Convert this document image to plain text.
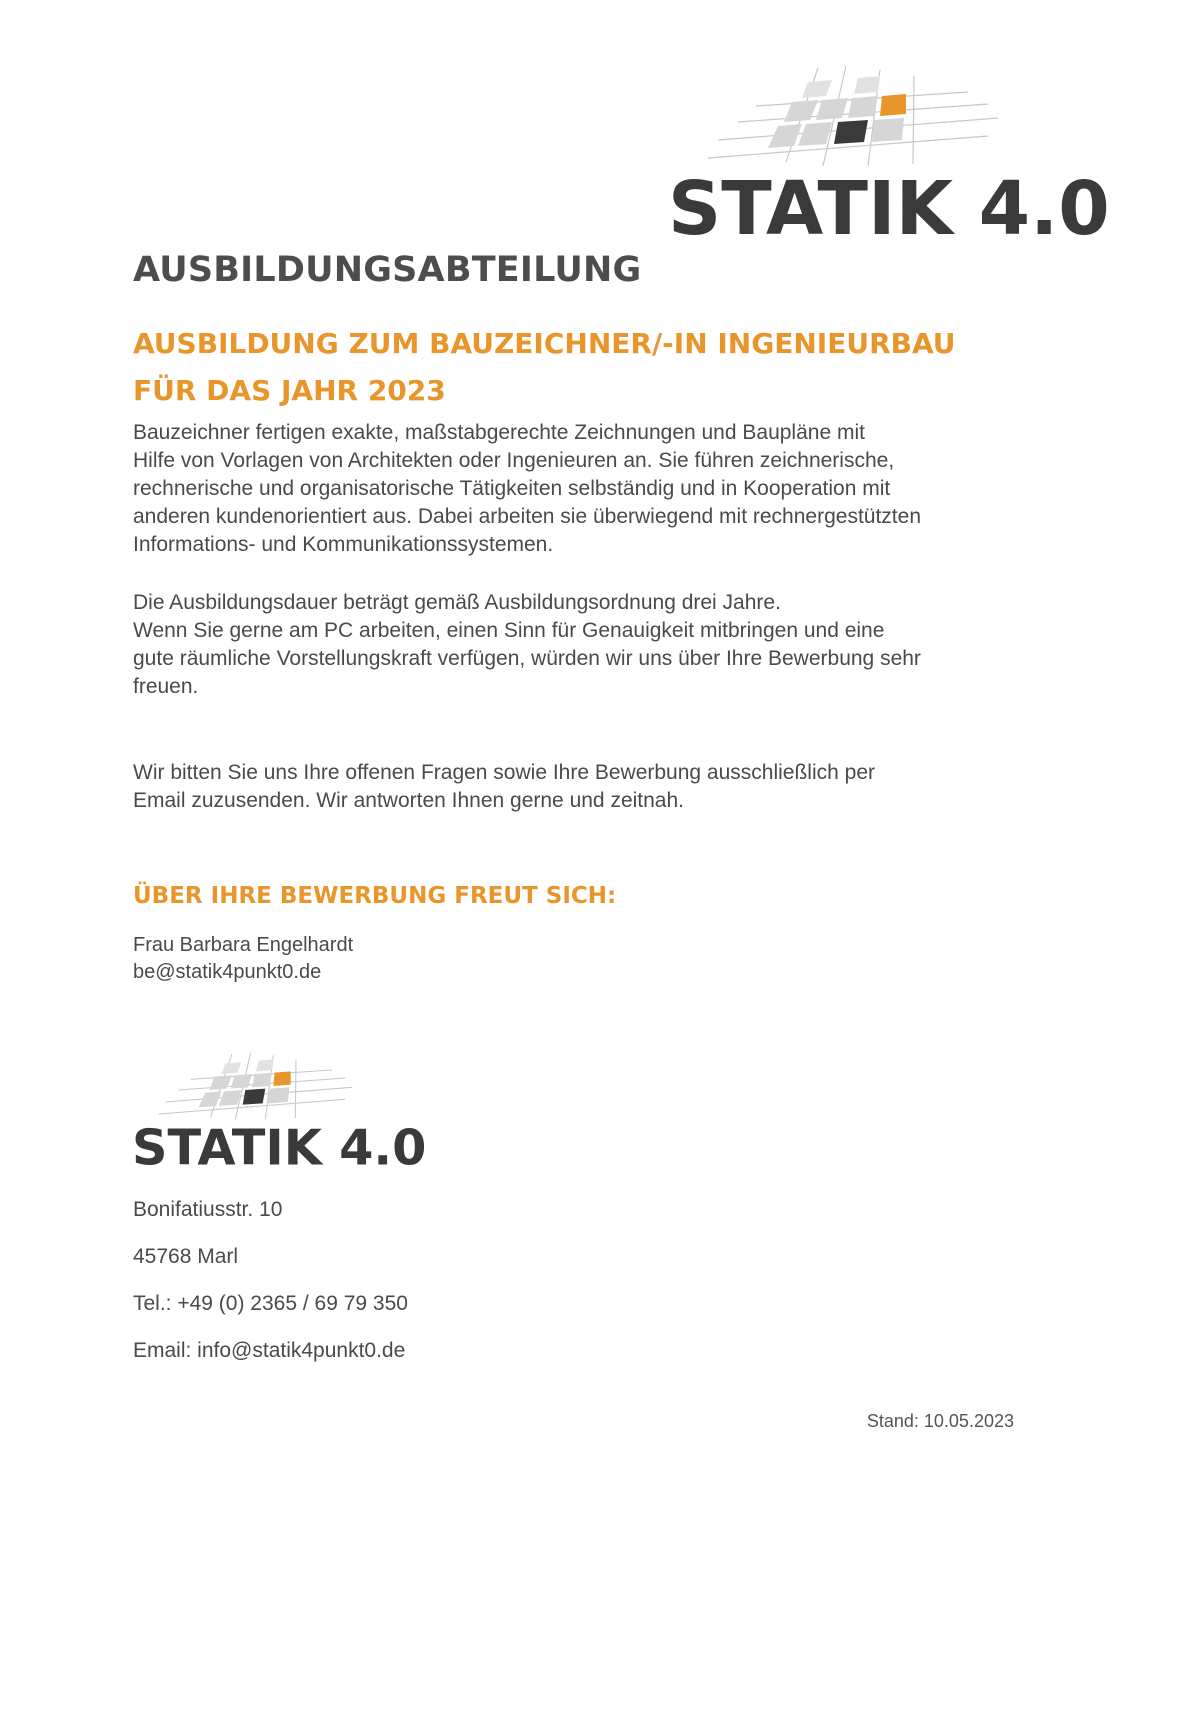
STATIK 4.0
AUSBILDUNGSABTEILUNG
AUSBILDUNG ZUM BAUZEICHNER/-IN INGENIEURBAU
FÜR DAS JAHR 2023

Bauzeichner fertigen exakte, maßstabgerechte Zeichnungen und Baupläne mit
Hilfe von Vorlagen von Architekten oder Ingenieuren an. Sie führen zeichnerische,
rechnerische und organisatorische Tätigkeiten selbständig und in Kooperation mit
anderen kundenorientiert aus. Dabei arbeiten sie überwiegend mit rechnergestützten
Informations- und Kommunikationssystemen.

Die Ausbildungsdauer beträgt gemäß Ausbildungsordnung drei Jahre.
Wenn Sie gerne am PC arbeiten, einen Sinn für Genauigkeit mitbringen und eine
gute räumliche Vorstellungskraft verfügen, würden wir uns über Ihre Bewerbung sehr
freuen.

Wir bitten Sie uns Ihre offenen Fragen sowie Ihre Bewerbung ausschließlich per
Email zuzusenden. Wir antworten Ihnen gerne und zeitnah.

ÜBER IHRE BEWERBUNG FREUT SICH:

Frau Barbara Engelhardt
be@statik4punkt0.de

STATIK 4.0
Bonifatiusstr. 10
45768 Marl
Tel.: +49 (0) 2365 / 69 79 350
Email: info@statik4punkt0.de
Stand: 10.05.2023
